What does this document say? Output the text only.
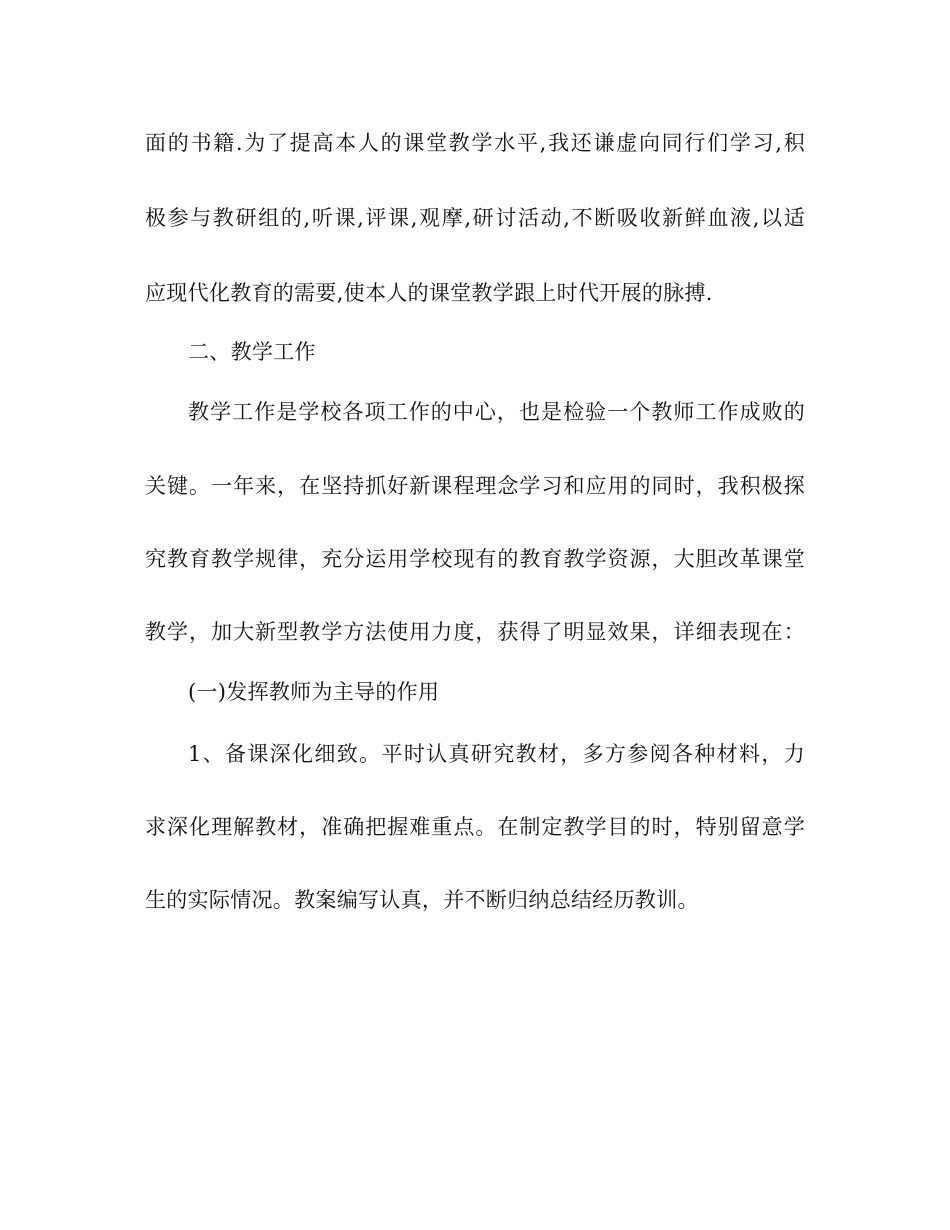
面的书籍.为了提高本人的课堂教学水平,我还谦虚向同行们学习,积
极参与教研组的,听课,评课,观摩,研讨活动,不断吸收新鲜血液,以适
应现代化教育的需要,使本人的课堂教学跟上时代开展的脉搏.
二、教学工作
教学工作是学校各项工作的中心，也是检验一个教师工作成败的
关键。一年来，在坚持抓好新课程理念学习和应用的同时，我积极探
究教育教学规律，充分运用学校现有的教育教学资源，大胆改革课堂
教学，加大新型教学方法使用力度，获得了明显效果，详细表现在：
(一)发挥教师为主导的作用
1、备课深化细致。平时认真研究教材，多方参阅各种材料，力
求深化理解教材，准确把握难重点。在制定教学目的时，特别留意学
生的实际情况。教案编写认真，并不断归纳总结经历教训。
